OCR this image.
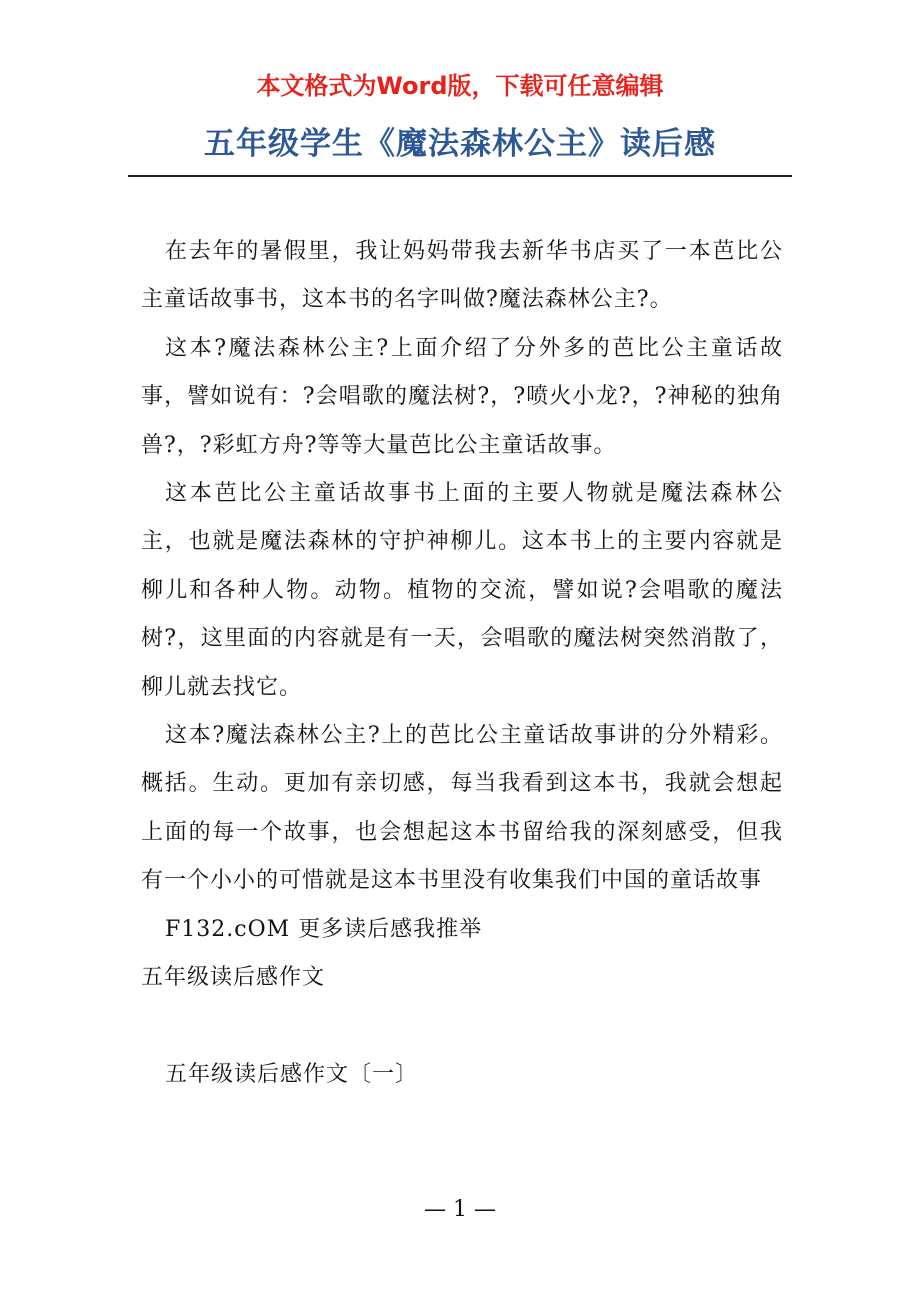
本文格式为Word版，下载可任意编辑
五年级学生《魔法森林公主》读后感

在去年的暑假里，我让妈妈带我去新华书店买了一本芭比公主童话故事书，这本书的名字叫做?魔法森林公主?。

这本?魔法森林公主?上面介绍了分外多的芭比公主童话故事，譬如说有：?会唱歌的魔法树?，?喷火小龙?，?神秘的独角兽?，?彩虹方舟?等等大量芭比公主童话故事。

这本芭比公主童话故事书上面的主要人物就是魔法森林公主，也就是魔法森林的守护神柳儿。这本书上的主要内容就是柳儿和各种人物。动物。植物的交流，譬如说?会唱歌的魔法树?，这里面的内容就是有一天，会唱歌的魔法树突然消散了，柳儿就去找它。

这本?魔法森林公主?上的芭比公主童话故事讲的分外精彩。概括。生动。更加有亲切感，每当我看到这本书，我就会想起上面的每一个故事，也会想起这本书留给我的深刻感受，但我有一个小小的可惜就是这本书里没有收集我们中国的童话故事

F132.cOM 更多读后感我推举

五年级读后感作文

五年级读后感作文〔一〕

— 1 —
